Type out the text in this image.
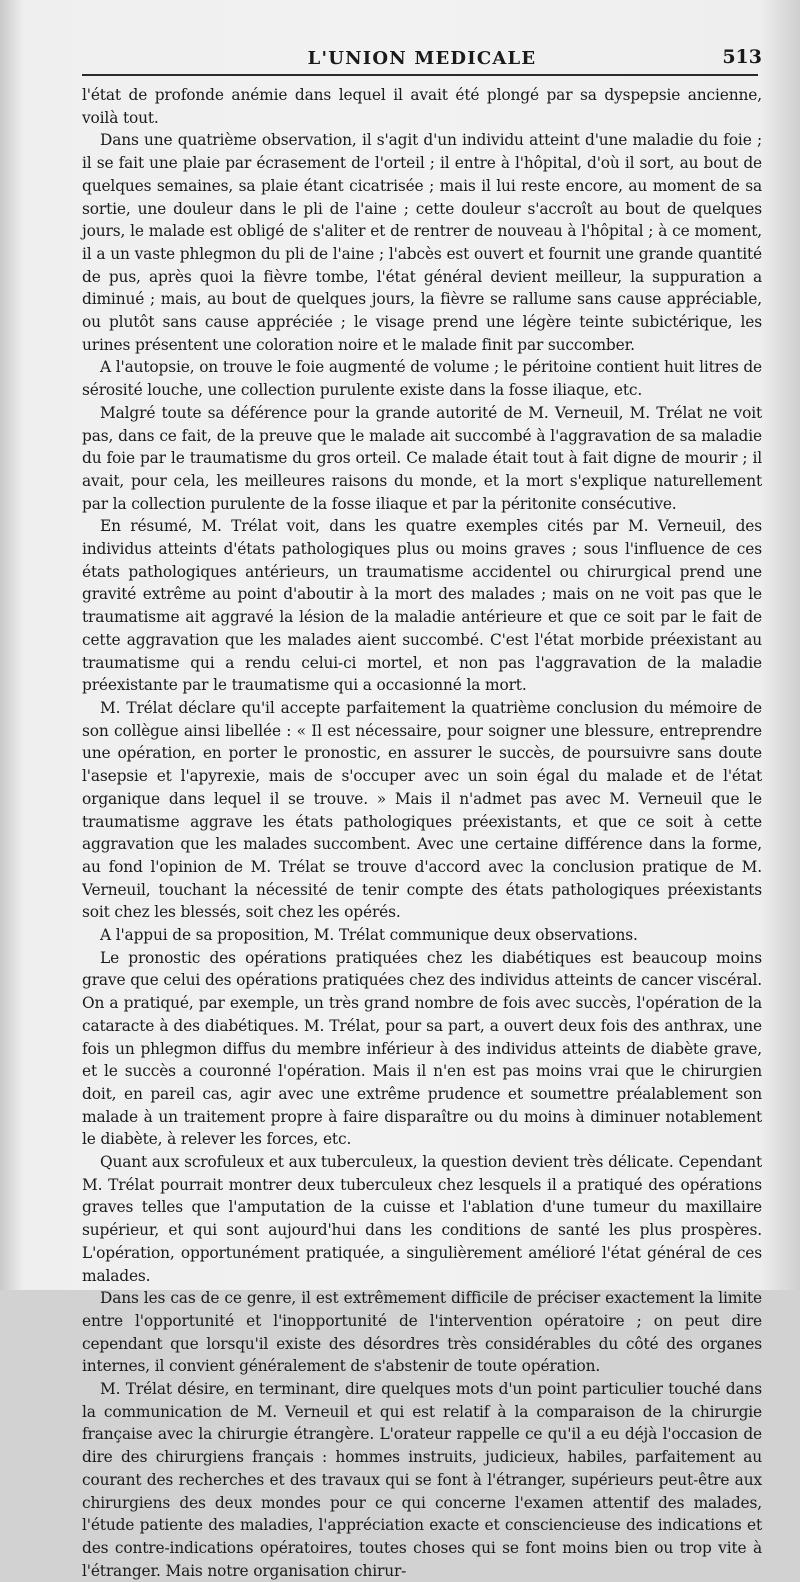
L'UNION MEDICALE	513

l'état de profonde anémie dans lequel il avait été plongé par sa dyspepsie ancienne, voilà tout.

Dans une quatrième observation, il s'agit d'un individu atteint d'une maladie du foie ; il se fait une plaie par écrasement de l'orteil ; il entre à l'hôpital, d'où il sort, au bout de quelques semaines, sa plaie étant cicatrisée ; mais il lui reste encore, au moment de sa sortie, une douleur dans le pli de l'aine ; cette douleur s'accroît au bout de quelques jours, le malade est obligé de s'aliter et de rentrer de nouveau à l'hôpital ; à ce moment, il a un vaste phlegmon du pli de l'aine ; l'abcès est ouvert et fournit une grande quantité de pus, après quoi la fièvre tombe, l'état général devient meilleur, la suppuration a diminué ; mais, au bout de quelques jours, la fièvre se rallume sans cause appréciable, ou plutôt sans cause appréciée ; le visage prend une légère teinte subictérique, les urines présentent une coloration noire et le malade finit par succomber.

A l'autopsie, on trouve le foie augmenté de volume ; le péritoine contient huit litres de sérosité louche, une collection purulente existe dans la fosse iliaque, etc.

Malgré toute sa déférence pour la grande autorité de M. Verneuil, M. Trélat ne voit pas, dans ce fait, de la preuve que le malade ait succombé à l'aggravation de sa maladie du foie par le traumatisme du gros orteil. Ce malade était tout à fait digne de mourir ; il avait, pour cela, les meilleures raisons du monde, et la mort s'explique naturellement par la collection purulente de la fosse iliaque et par la péritonite consécutive.

En résumé, M. Trélat voit, dans les quatre exemples cités par M. Verneuil, des individus atteints d'états pathologiques plus ou moins graves ; sous l'influence de ces états pathologiques antérieurs, un traumatisme accidentel ou chirurgical prend une gravité extrême au point d'aboutir à la mort des malades ; mais on ne voit pas que le traumatisme ait aggravé la lésion de la maladie antérieure et que ce soit par le fait de cette aggravation que les malades aient succombé. C'est l'état morbide préexistant au traumatisme qui a rendu celui-ci mortel, et non pas l'aggravation de la maladie préexistante par le traumatisme qui a occasionné la mort.

M. Trélat déclare qu'il accepte parfaitement la quatrième conclusion du mémoire de son collègue ainsi libellée : « Il est nécessaire, pour soigner une blessure, entreprendre une opération, en porter le pronostic, en assurer le succès, de poursuivre sans doute l'asepsie et l'apyrexie, mais de s'occuper avec un soin égal du malade et de l'état organique dans lequel il se trouve. » Mais il n'admet pas avec M. Verneuil que le traumatisme aggrave les états pathologiques préexistants, et que ce soit à cette aggravation que les malades succombent. Avec une certaine différence dans la forme, au fond l'opinion de M. Trélat se trouve d'accord avec la conclusion pratique de M. Verneuil, touchant la nécessité de tenir compte des états pathologiques préexistants soit chez les blessés, soit chez les opérés.

A l'appui de sa proposition, M. Trélat communique deux observations.

Le pronostic des opérations pratiquées chez les diabétiques est beaucoup moins grave que celui des opérations pratiquées chez des individus atteints de cancer viscéral. On a pratiqué, par exemple, un très grand nombre de fois avec succès, l'opération de la cataracte à des diabétiques. M. Trélat, pour sa part, a ouvert deux fois des anthrax, une fois un phlegmon diffus du membre inférieur à des individus atteints de diabète grave, et le succès a couronné l'opération. Mais il n'en est pas moins vrai que le chirurgien doit, en pareil cas, agir avec une extrême prudence et soumettre préalablement son malade à un traitement propre à faire disparaître ou du moins à diminuer notablement le diabète, à relever les forces, etc.

Quant aux scrofuleux et aux tuberculeux, la question devient très délicate. Cependant M. Trélat pourrait montrer deux tuberculeux chez lesquels il a pratiqué des opérations graves telles que l'amputation de la cuisse et l'ablation d'une tumeur du maxillaire supérieur, et qui sont aujourd'hui dans les conditions de santé les plus prospères. L'opération, opportunément pratiquée, a singulièrement amélioré l'état général de ces malades.

Dans les cas de ce genre, il est extrêmement difficile de préciser exactement la limite entre l'opportunité et l'inopportunité de l'intervention opératoire ; on peut dire cependant que lorsqu'il existe des désordres très considérables du côté des organes internes, il convient généralement de s'abstenir de toute opération.

M. Trélat désire, en terminant, dire quelques mots d'un point particulier touché dans la communication de M. Verneuil et qui est relatif à la comparaison de la chirurgie française avec la chirurgie étrangère. L'orateur rappelle ce qu'il a eu déjà l'occasion de dire des chirurgiens français : hommes instruits, judicieux, habiles, parfaitement au courant des recherches et des travaux qui se font à l'étranger, supérieurs peut-être aux chirurgiens des deux mondes pour ce qui concerne l'examen attentif des malades, l'étude patiente des maladies, l'appréciation exacte et consciencieuse des indications et des contre-indications opératoires, toutes choses qui se font moins bien ou trop vite à l'étranger. Mais notre organisation chirur-
